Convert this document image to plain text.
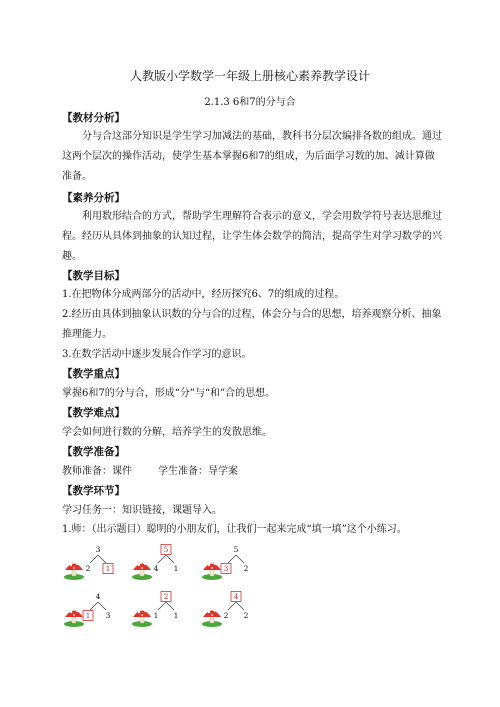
人教版小学数学一年级上册核心素养教学设计
2.1.3 6和7的分与合
【教材分析】
分与合这部分知识是学生学习加减法的基础，教科书分层次编排各数的组成。通过这两个层次的操作活动，使学生基本掌握6和7的组成，为后面学习数的加、减计算做准备。
【素养分析】
利用数形结合的方式，帮助学生理解符合表示的意义，学会用数学符号表达思维过程。经历从具体到抽象的认知过程，让学生体会数学的简洁，提高学生对学习数学的兴趣。
【教学目标】
1.在把物体分成两部分的活动中，经历探究6、7的组成的过程。
2.经历由具体到抽象认识数的分与合的过程，体会分与合的思想，培养观察分析、抽象推理能力。
3.在数学活动中逐步发展合作学习的意识。
【教学重点】
掌握6和7的分与合，形成“分”与“和”合的思想。
【教学难点】
学会如何进行数的分解，培养学生的发散思维。
【教学准备】
教师准备：课件	学生准备：导学案
【教学环节】
学习任务一：知识链接，课题导入。
1.师：（出示题目）聪明的小朋友们，让我们一起来完成“填一填”这个小练习。
3
2 1
5
4 1
5
3 2
4
1 3
2
1 1
4
2 2
